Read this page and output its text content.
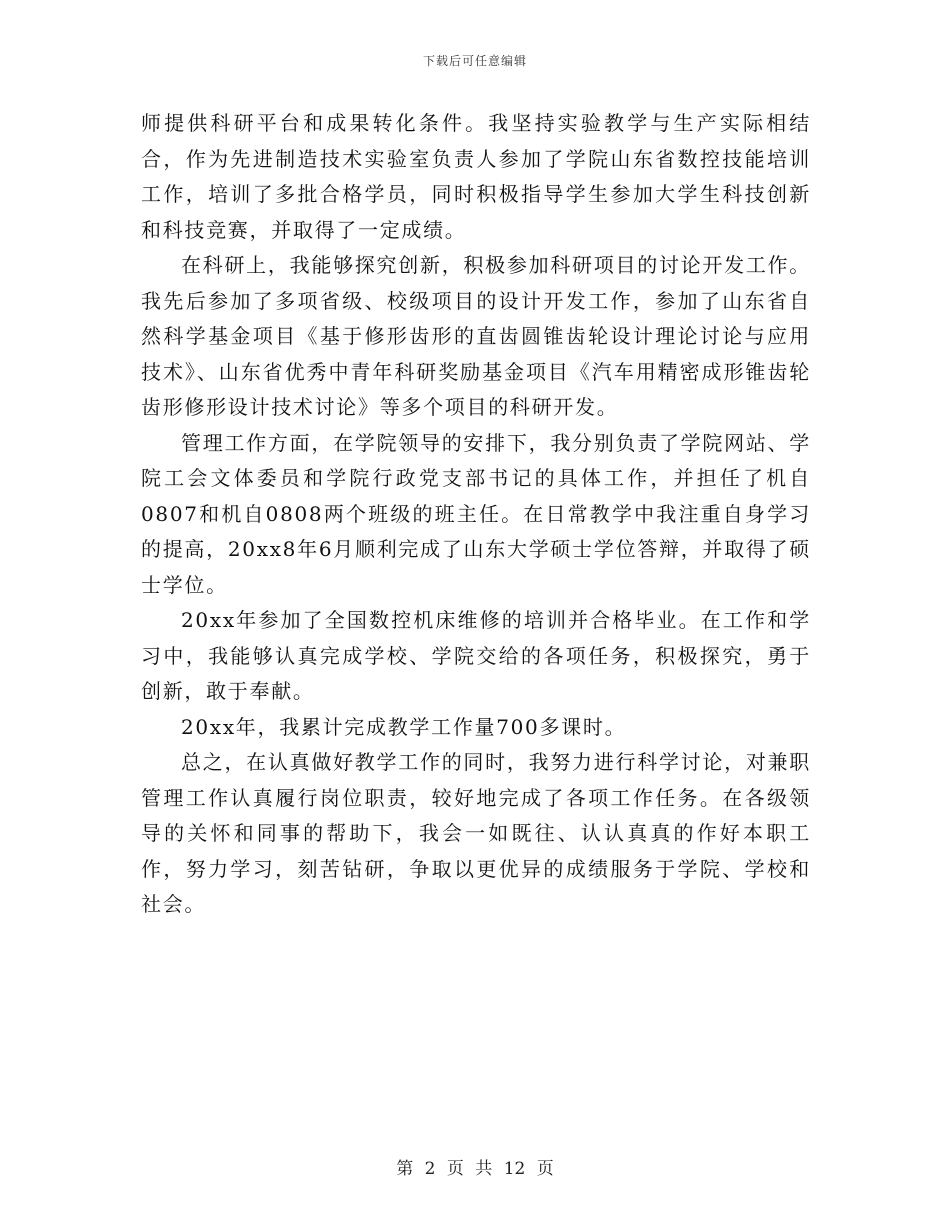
下载后可任意编辑

师提供科研平台和成果转化条件。我坚持实验教学与生产实际相结合，作为先进制造技术实验室负责人参加了学院山东省数控技能培训工作，培训了多批合格学员，同时积极指导学生参加大学生科技创新和科技竞赛，并取得了一定成绩。

在科研上，我能够探究创新，积极参加科研项目的讨论开发工作。我先后参加了多项省级、校级项目的设计开发工作，参加了山东省自然科学基金项目《基于修形齿形的直齿圆锥齿轮设计理论讨论与应用技术》、山东省优秀中青年科研奖励基金项目《汽车用精密成形锥齿轮齿形修形设计技术讨论》等多个项目的科研开发。

管理工作方面，在学院领导的安排下，我分别负责了学院网站、学院工会文体委员和学院行政党支部书记的具体工作，并担任了机自0807和机自0808两个班级的班主任。在日常教学中我注重自身学习的提高，20xx8年6月顺利完成了山东大学硕士学位答辩，并取得了硕士学位。

20xx年参加了全国数控机床维修的培训并合格毕业。在工作和学习中，我能够认真完成学校、学院交给的各项任务，积极探究，勇于创新，敢于奉献。

20xx年，我累计完成教学工作量700多课时。

总之，在认真做好教学工作的同时，我努力进行科学讨论，对兼职管理工作认真履行岗位职责，较好地完成了各项工作任务。在各级领导的关怀和同事的帮助下，我会一如既往、认认真真的作好本职工作，努力学习，刻苦钻研，争取以更优异的成绩服务于学院、学校和社会。

第 2 页 共 12 页
